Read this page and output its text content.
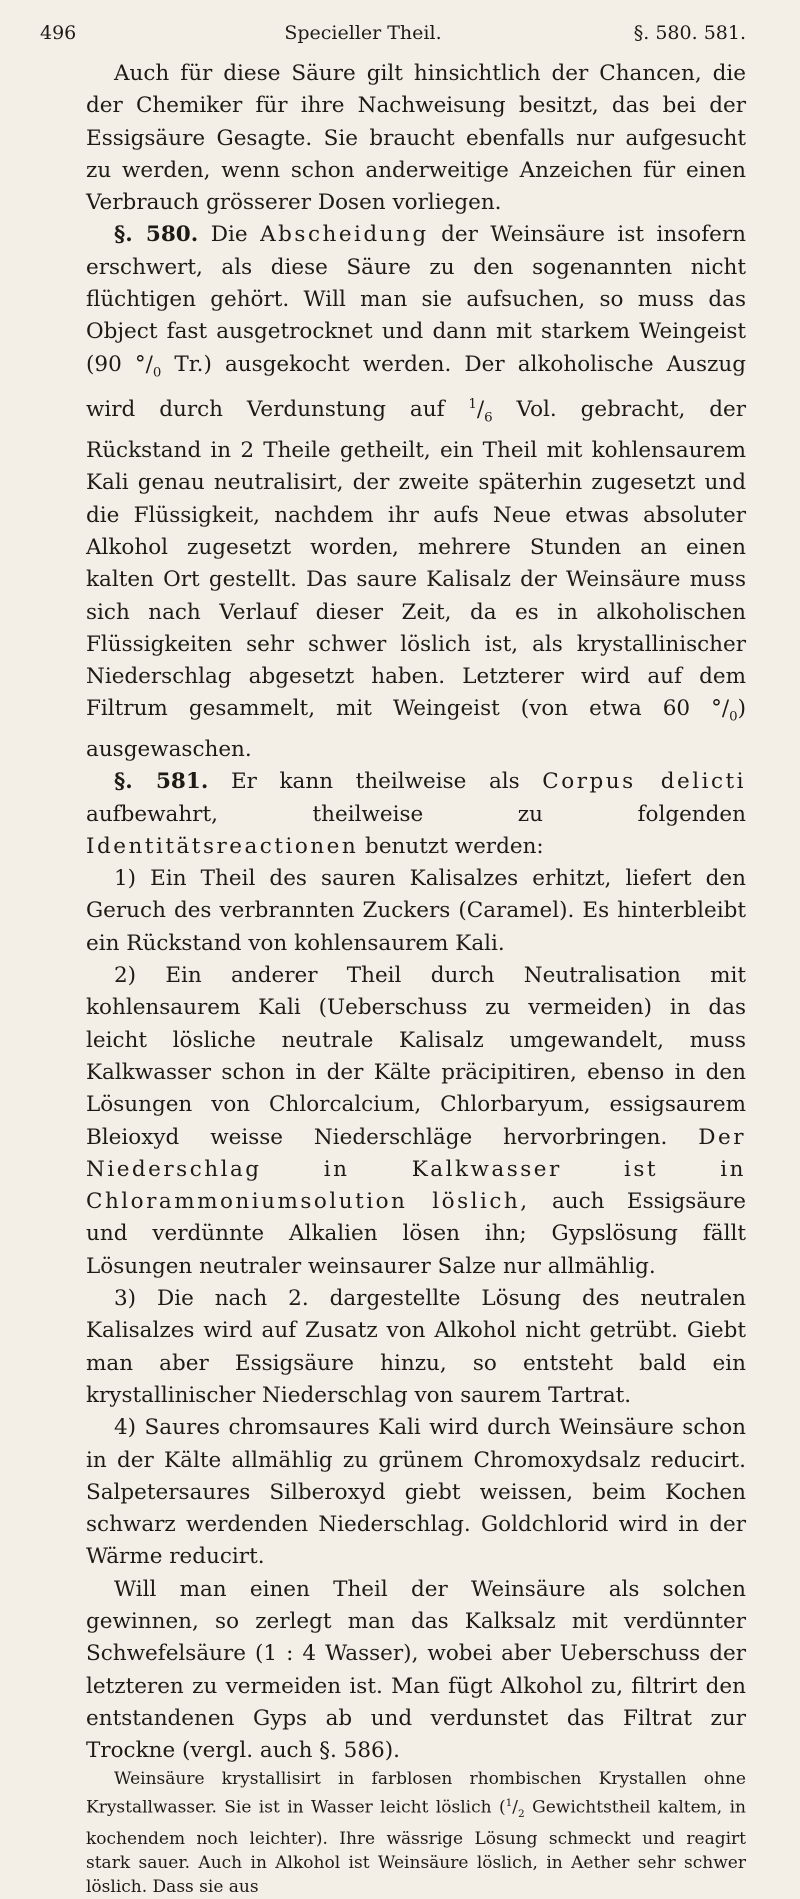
496	Specieller Theil.	§. 580. 581.

Auch für diese Säure gilt hinsichtlich der Chancen, die der Chemiker für ihre Nachweisung besitzt, das bei der Essigsäure Gesagte. Sie braucht ebenfalls nur aufgesucht zu werden, wenn schon anderweitige Anzeichen für einen Verbrauch grösserer Dosen vorliegen.

§. 580. Die Abscheidung der Weinsäure ist insofern erschwert, als diese Säure zu den sogenannten nicht flüchtigen gehört. Will man sie aufsuchen, so muss das Object fast ausgetrocknet und dann mit starkem Weingeist (90 $^\circ/_0$ Tr.) ausgekocht werden. Der alkoholische Auszug wird durch Verdunstung auf $^1/_6$ Vol. gebracht, der Rückstand in 2 Theile getheilt, ein Theil mit kohlensaurem Kali genau neutralisirt, der zweite späterhin zugesetzt und die Flüssigkeit, nachdem ihr aufs Neue etwas absoluter Alkohol zugesetzt worden, mehrere Stunden an einen kalten Ort gestellt. Das saure Kalisalz der Weinsäure muss sich nach Verlauf dieser Zeit, da es in alkoholischen Flüssigkeiten sehr schwer löslich ist, als krystallinischer Niederschlag abgesetzt haben. Letzterer wird auf dem Filtrum gesammelt, mit Weingeist (von etwa 60 $^\circ/_0$) ausgewaschen.

§. 581. Er kann theilweise als Corpus delicti aufbewahrt, theilweise zu folgenden Identitätsreactionen benutzt werden:

1) Ein Theil des sauren Kalisalzes erhitzt, liefert den Geruch des verbrannten Zuckers (Caramel). Es hinterbleibt ein Rückstand von kohlensaurem Kali.

2) Ein anderer Theil durch Neutralisation mit kohlensaurem Kali (Ueberschuss zu vermeiden) in das leicht lösliche neutrale Kalisalz umgewandelt, muss Kalkwasser schon in der Kälte präcipitiren, ebenso in den Lösungen von Chlorcalcium, Chlorbaryum, essigsaurem Bleioxyd weisse Niederschläge hervorbringen. Der Niederschlag in Kalkwasser ist in Chlorammoniumsolution löslich, auch Essigsäure und verdünnte Alkalien lösen ihn; Gypslösung fällt Lösungen neutraler weinsaurer Salze nur allmählig.

3) Die nach 2. dargestellte Lösung des neutralen Kalisalzes wird auf Zusatz von Alkohol nicht getrübt. Giebt man aber Essigsäure hinzu, so entsteht bald ein krystallinischer Niederschlag von saurem Tartrat.

4) Saures chromsaures Kali wird durch Weinsäure schon in der Kälte allmählig zu grünem Chromoxydsalz reducirt. Salpetersaures Silberoxyd giebt weissen, beim Kochen schwarz werdenden Niederschlag. Goldchlorid wird in der Wärme reducirt.

Will man einen Theil der Weinsäure als solchen gewinnen, so zerlegt man das Kalksalz mit verdünnter Schwefelsäure (1 : 4 Wasser), wobei aber Ueberschuss der letzteren zu vermeiden ist. Man fügt Alkohol zu, filtrirt den entstandenen Gyps ab und verdunstet das Filtrat zur Trockne (vergl. auch §. 586).

Weinsäure krystallisirt in farblosen rhombischen Krystallen ohne Krystallwasser. Sie ist in Wasser leicht löslich ($^1/_2$ Gewichtstheil kaltem, in kochendem noch leichter). Ihre wässrige Lösung schmeckt und reagirt stark sauer. Auch in Alkohol ist Weinsäure löslich, in Aether sehr schwer löslich. Dass sie aus
